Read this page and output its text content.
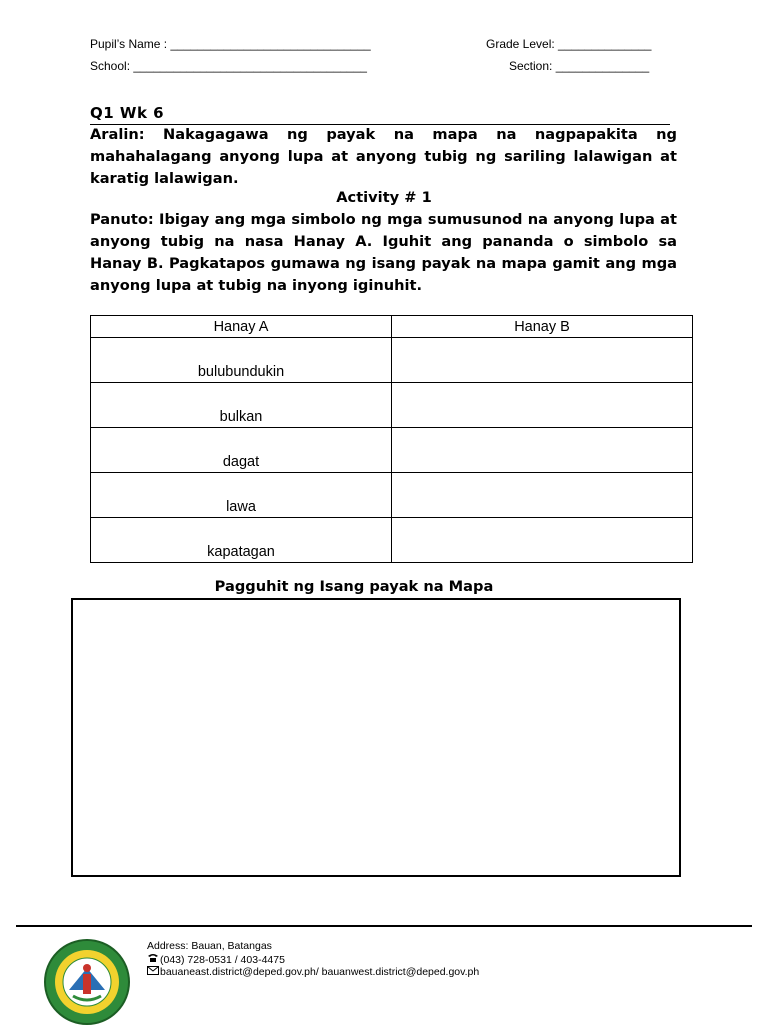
Pupil’s Name : ______________________________	Grade Level: ______________
School: ___________________________________	Section: ______________
Q1 Wk 6
Aralin: Nakagagawa ng payak na mapa na nagpapakita ng mahahalagang anyong lupa at anyong tubig ng sariling lalawigan at karatig lalawigan.
Activity # 1
Panuto: Ibigay ang mga simbolo ng mga sumusunod na anyong lupa at anyong tubig na nasa Hanay A. Iguhit ang pananda o simbolo sa Hanay B. Pagkatapos gumawa ng isang payak na mapa gamit ang mga anyong lupa at tubig na inyong iginuhit.
Hanay A	Hanay B
bulubundukin	
bulkan	
dagat	
lawa	
kapatagan	
Pagguhit ng Isang payak na Mapa
Address: Bauan, Batangas
(043) 728-0531 / 403-4475
bauaneast.district@deped.gov.ph/ bauanwest.district@deped.gov.ph
